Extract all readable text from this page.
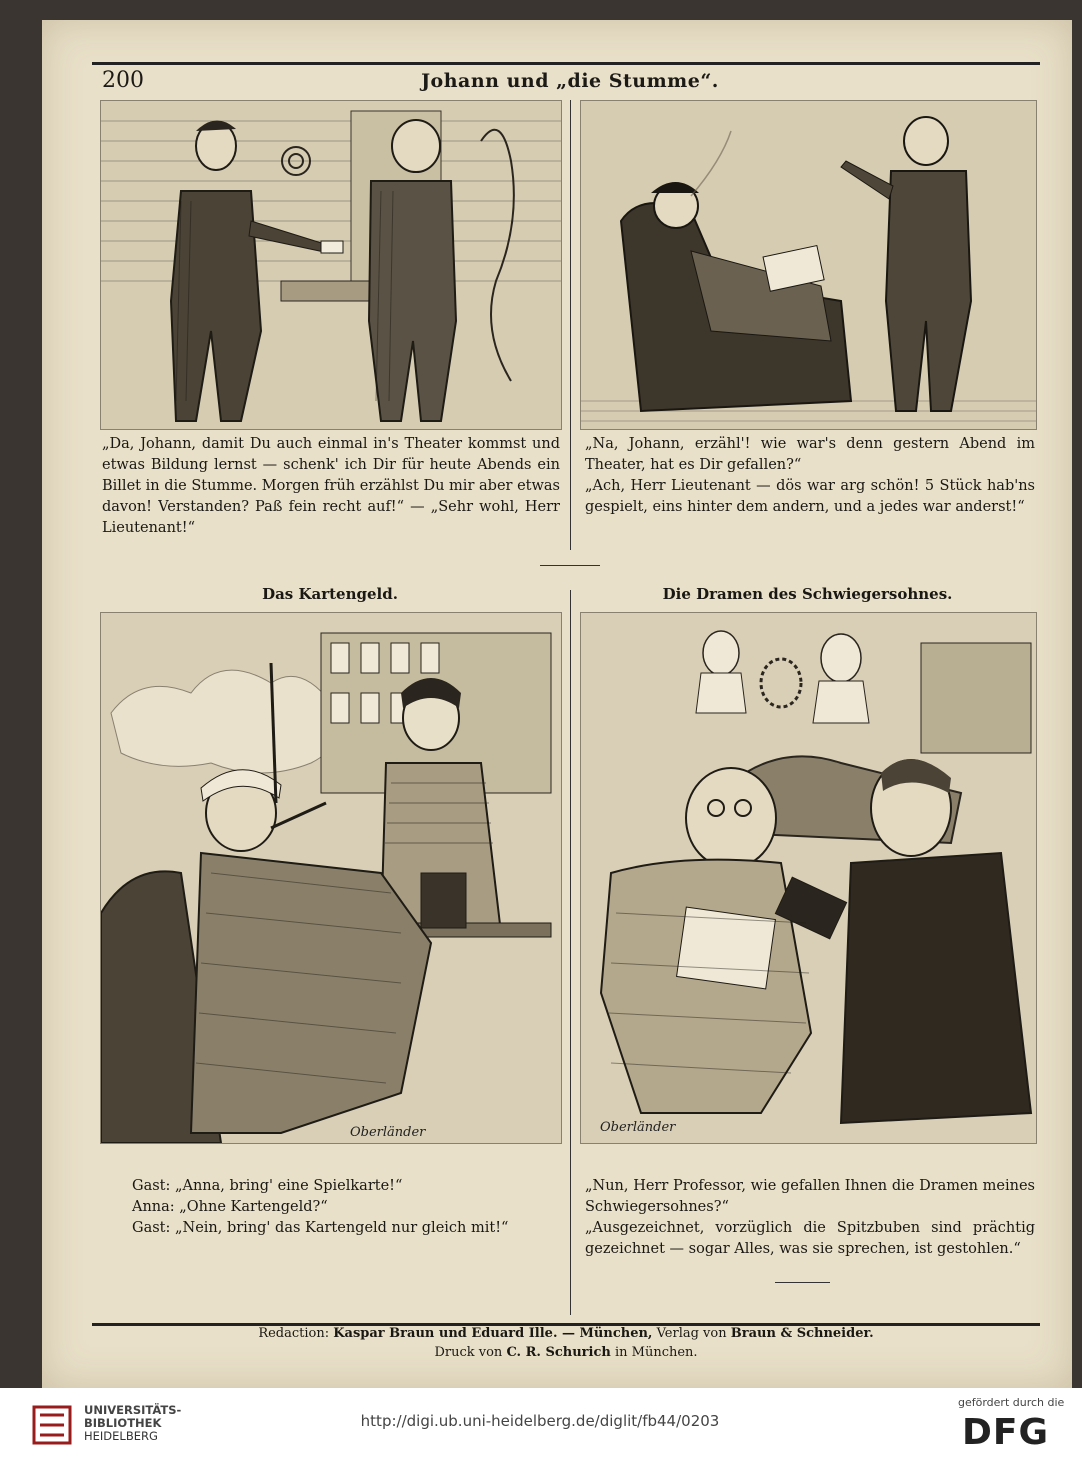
200	Johann und „die Stumme“.

„Da, Johann, damit Du auch einmal in's Theater kommst und etwas Bildung lernst — schenk' ich Dir für heute Abends ein Billet in die Stumme. Morgen früh erzählst Du mir aber etwas davon! Verstanden? Paß fein recht auf!“ — „Sehr wohl, Herr Lieutenant!“

„Na, Johann, erzähl'! wie war's denn gestern Abend im Theater, hat es Dir gefallen?“

„Ach, Herr Lieutenant — dös war arg schön! 5 Stück hab'ns gespielt, eins hinter dem andern, und a jedes war anderst!“

Das Kartengeld.	Die Dramen des Schwiegersohnes.
Oberländer	Oberländer

Gast: „Anna, bring' eine Spielkarte!“

Anna: „Ohne Kartengeld?“

Gast: „Nein, bring' das Kartengeld nur gleich mit!“

„Nun, Herr Professor, wie gefallen Ihnen die Dramen meines Schwiegersohnes?“

„Ausgezeichnet, vorzüglich die Spitzbuben sind prächtig gezeichnet — sogar Alles, was sie sprechen, ist gestohlen.“

Redaction: Kaspar Braun und Eduard Ille. — München, Verlag von Braun & Schneider.
Druck von C. R. Schurich in München.
UNIVERSITÄTS-
BIBLIOTHEK
HEIDELBERG
http://digi.ub.uni-heidelberg.de/diglit/fb44/0203
gefördert durch die
DFG
